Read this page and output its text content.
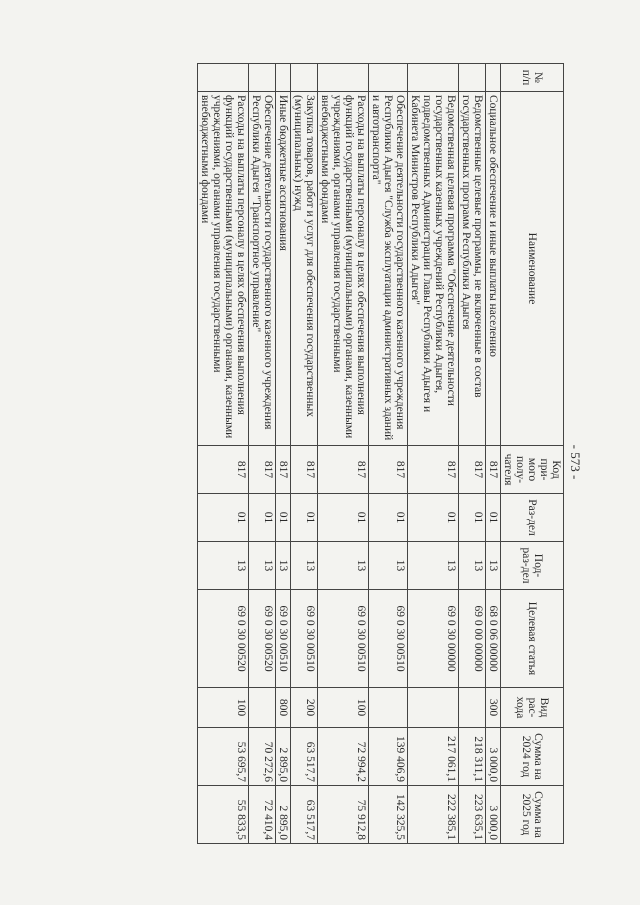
- 573 -
№ п/п	Наименование	Код при-мого полу-чателя	Раз-дел	Под-раз-дел	Целевая статья	Вид рас-хода	Сумма на 2024 год	Сумма на 2025 год
	Социальное обеспечение и иные выплаты населению	817	01	13	68 0 06 00000	300	3 000,0	3 000,0
	Ведомственные целевые программы, не включенные в состав государственных программ Республики Адыгея	817	01	13	69 0 00 00000		218 311,1	223 635,1
	Ведомственная целевая программа "Обеспечение деятельности государственных казенных учреждений Республики Адыгея, подведомственных Администрации Главы Республики Адыгея и Кабинета Министров Республики Адыгея"	817	01	13	69 0 30 00000		217 061,1	222 385,1
	Обеспечение деятельности государственного казенного учреждения Республики Адыгея "Служба эксплуатации административных зданий и автотранспорта"	817	01	13	69 0 30 00510		139 406,9	142 325,5
	Расходы на выплаты персоналу в целях обеспечения выполнения функций государственными (муниципальными) органами, казенными учреждениями, органами управления государственными внебюджетными фондами	817	01	13	69 0 30 00510	100	72 994,2	75 912,8
	Закупка товаров, работ и услуг для обеспечения государственных (муниципальных) нужд	817	01	13	69 0 30 00510	200	63 517,7	63 517,7
	Иные бюджетные ассигнования	817	01	13	69 0 30 00510	800	2 895,0	2 895,0
	Обеспечение деятельности государственного казенного учреждения Республики Адыгея "Транспортное управление"	817	01	13	69 0 30 00520		70 272,6	72 410,4
	Расходы на выплаты персоналу в целях обеспечения выполнения функций государственными (муниципальными) органами, казенными учреждениями, органами управления государственными внебюджетными фондами	817	01	13	69 0 30 00520	100	53 695,7	55 833,5
